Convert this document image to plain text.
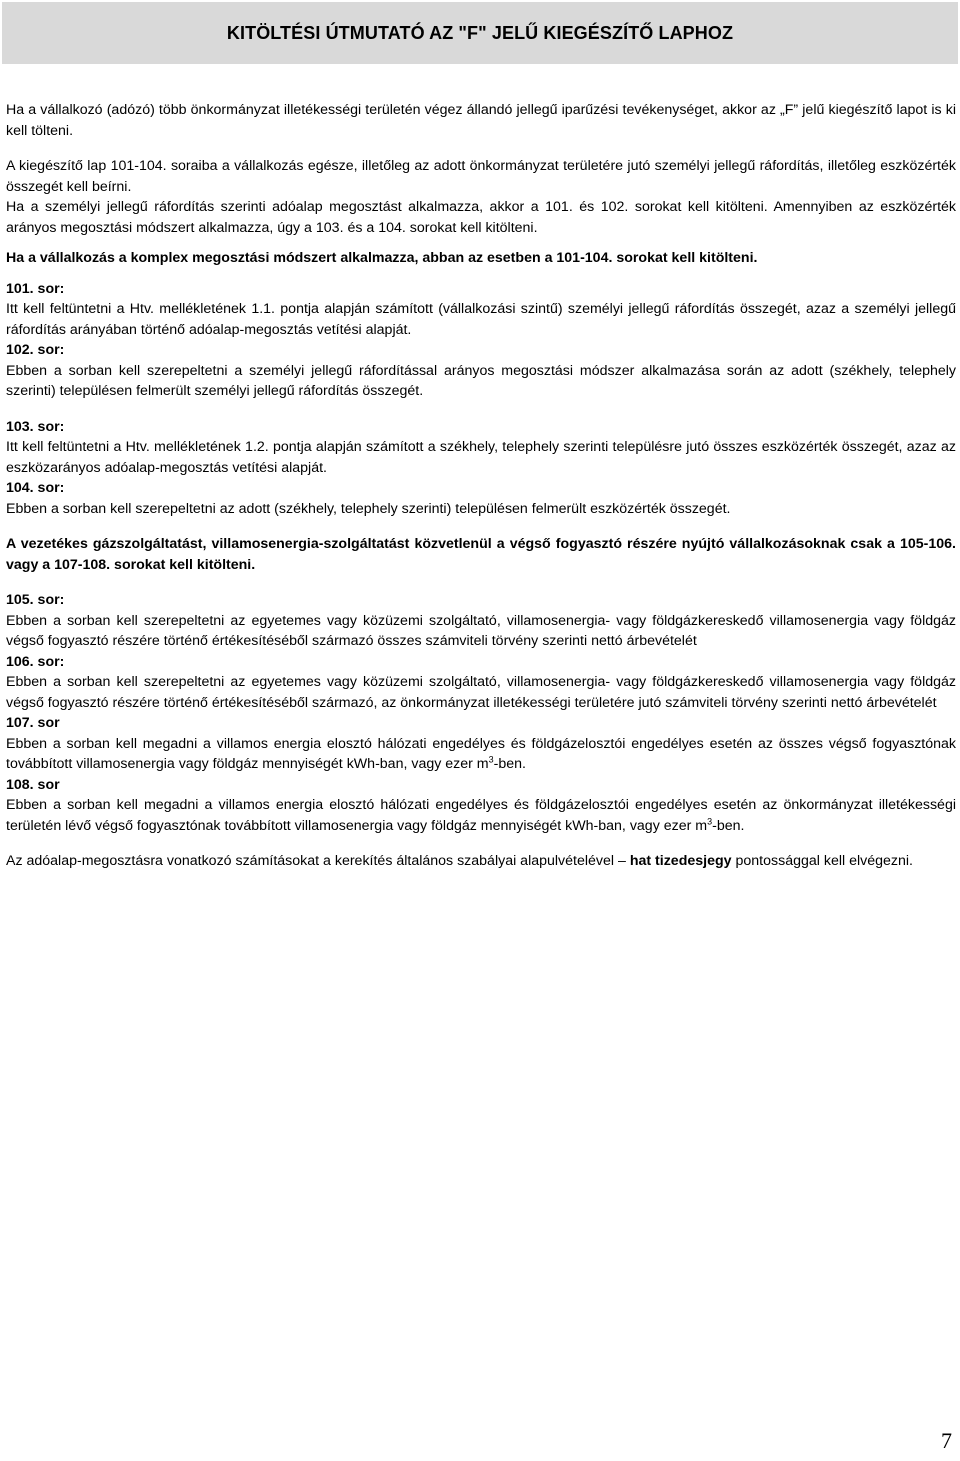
KITÖLTÉSI ÚTMUTATÓ AZ "F" JELŰ KIEGÉSZÍTŐ LAPHOZ

Ha a vállalkozó (adózó) több önkormányzat illetékességi területén végez állandó jellegű iparűzési tevékenységet, akkor az „F” jelű kiegészítő lapot is ki kell tölteni.

A kiegészítő lap 101-104. soraiba a vállalkozás egésze, illetőleg az adott önkormányzat területére jutó személyi jellegű ráfordítás, illetőleg eszközérték összegét kell beírni.

Ha a személyi jellegű ráfordítás szerinti adóalap megosztást alkalmazza, akkor a 101. és 102. sorokat kell kitölteni. Amennyiben az eszközérték arányos megosztási módszert alkalmazza, úgy a 103. és a 104. sorokat kell kitölteni.

Ha a vállalkozás a komplex megosztási módszert alkalmazza, abban az esetben a 101-104. sorokat kell kitölteni.

101. sor:

Itt kell feltüntetni a Htv. mellékletének 1.1. pontja alapján számított (vállalkozási szintű) személyi jellegű ráfordítás összegét, azaz a személyi jellegű ráfordítás arányában történő adóalap-megosztás vetítési alapját.

102. sor:

Ebben a sorban kell szerepeltetni a személyi jellegű ráfordítással arányos megosztási módszer alkalmazása során az adott (székhely, telephely szerinti) településen felmerült személyi jellegű ráfordítás összegét.

103. sor:

Itt kell feltüntetni a Htv. mellékletének 1.2. pontja alapján számított a székhely, telephely szerinti településre jutó összes eszközérték összegét, azaz az eszközarányos adóalap-megosztás vetítési alapját.

104. sor:

Ebben a sorban kell szerepeltetni az adott (székhely, telephely szerinti) településen felmerült eszközérték összegét.

A vezetékes gázszolgáltatást, villamosenergia-szolgáltatást közvetlenül a végső fogyasztó részére nyújtó vállalkozásoknak csak a 105-106. vagy a 107-108. sorokat kell kitölteni.

105. sor:

Ebben a sorban kell szerepeltetni az egyetemes vagy közüzemi szolgáltató, villamosenergia- vagy földgázkereskedő villamosenergia vagy földgáz végső fogyasztó részére történő értékesítéséből származó összes számviteli törvény szerinti nettó árbevételét

106. sor:

Ebben a sorban kell szerepeltetni az egyetemes vagy közüzemi szolgáltató, villamosenergia- vagy földgázkereskedő villamosenergia vagy földgáz végső fogyasztó részére történő értékesítéséből származó, az önkormányzat illetékességi területére jutó számviteli törvény szerinti nettó árbevételét

107. sor

Ebben a sorban kell megadni a villamos energia elosztó hálózati engedélyes és földgázelosztói engedélyes esetén az összes végső fogyasztónak továbbított villamosenergia vagy földgáz mennyiségét kWh-ban, vagy ezer $m^3$-ben.

108. sor

Ebben a sorban kell megadni a villamos energia elosztó hálózati engedélyes és földgázelosztói engedélyes esetén az önkormányzat illetékességi területén lévő végső fogyasztónak továbbított villamosenergia vagy földgáz mennyiségét kWh-ban, vagy ezer $m^3$-ben.

Az adóalap-megosztásra vonatkozó számításokat a kerekítés általános szabályai alapulvételével – hat tizedesjegy pontossággal kell elvégezni.

7
